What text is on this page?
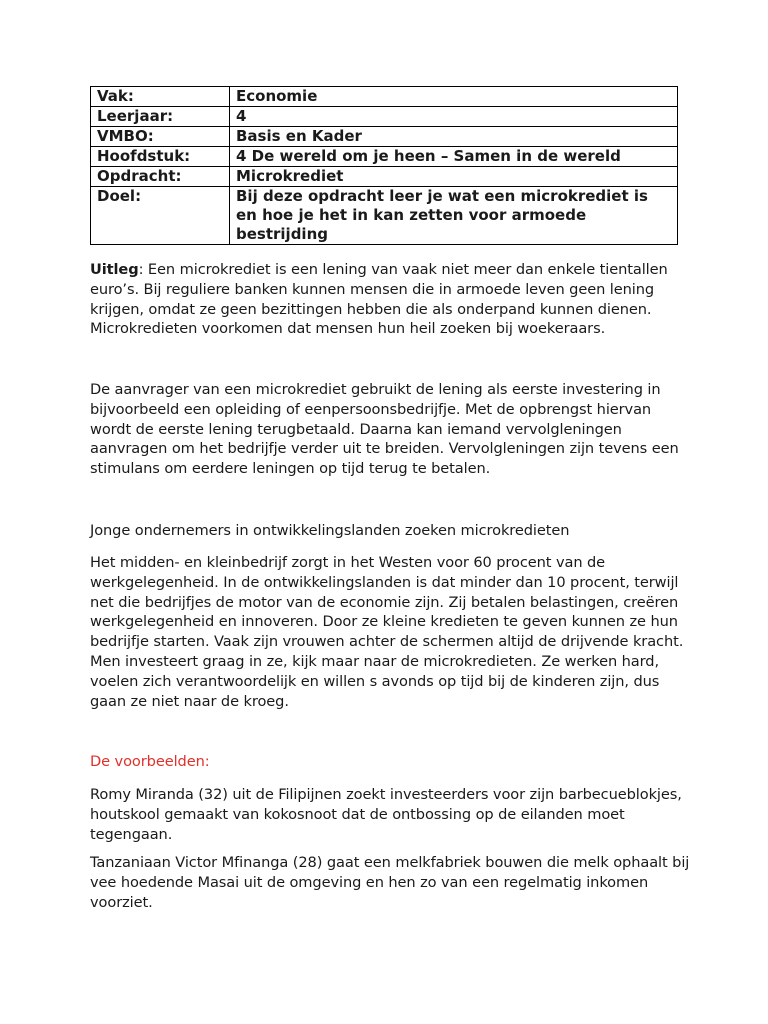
Vak:	Economie
Leerjaar:	4
VMBO:	Basis en Kader
Hoofdstuk:	4 De wereld om je heen – Samen in de wereld
Opdracht:	Microkrediet
Doel:	Bij deze opdracht leer je wat een microkrediet is en hoe je het in kan zetten voor armoede bestrijding

Uitleg: Een microkrediet is een lening van vaak niet meer dan enkele tientallen euro’s. Bij reguliere banken kunnen mensen die in armoede leven geen lening krijgen, omdat ze geen bezittingen hebben die als onderpand kunnen dienen. Microkredieten voorkomen dat mensen hun heil zoeken bij woekeraars.

De aanvrager van een microkrediet gebruikt de lening als eerste investering in bijvoorbeeld een opleiding of eenpersoonsbedrijfje. Met de opbrengst hiervan wordt de eerste lening terugbetaald. Daarna kan iemand vervolgleningen aanvragen om het bedrijfje verder uit te breiden. Vervolgleningen zijn tevens een stimulans om eerdere leningen op tijd terug te betalen.

Jonge ondernemers in ontwikkelingslanden zoeken microkredieten

Het midden- en kleinbedrijf zorgt in het Westen voor 60 procent van de werkgelegenheid. In de ontwikkelingslanden is dat minder dan 10 procent, terwijl net die bedrijfjes de motor van de economie zijn. Zij betalen belastingen, creëren werkgelegenheid en innoveren. Door ze kleine kredieten te geven kunnen ze hun bedrijfje starten. Vaak zijn vrouwen achter de schermen altijd de drijvende kracht. Men investeert graag in ze, kijk maar naar de microkredieten. Ze werken hard, voelen zich verantwoordelijk en willen s avonds op tijd bij de kinderen zijn, dus gaan ze niet naar de kroeg.

De voorbeelden:

Romy Miranda (32) uit de Filipijnen zoekt investeerders voor zijn barbecueblokjes, houtskool gemaakt van kokosnoot dat de ontbossing op de eilanden moet tegengaan.

Tanzaniaan Victor Mfinanga (28) gaat een melkfabriek bouwen die melk ophaalt bij vee hoedende Masai uit de omgeving en hen zo van een regelmatig inkomen voorziet.
